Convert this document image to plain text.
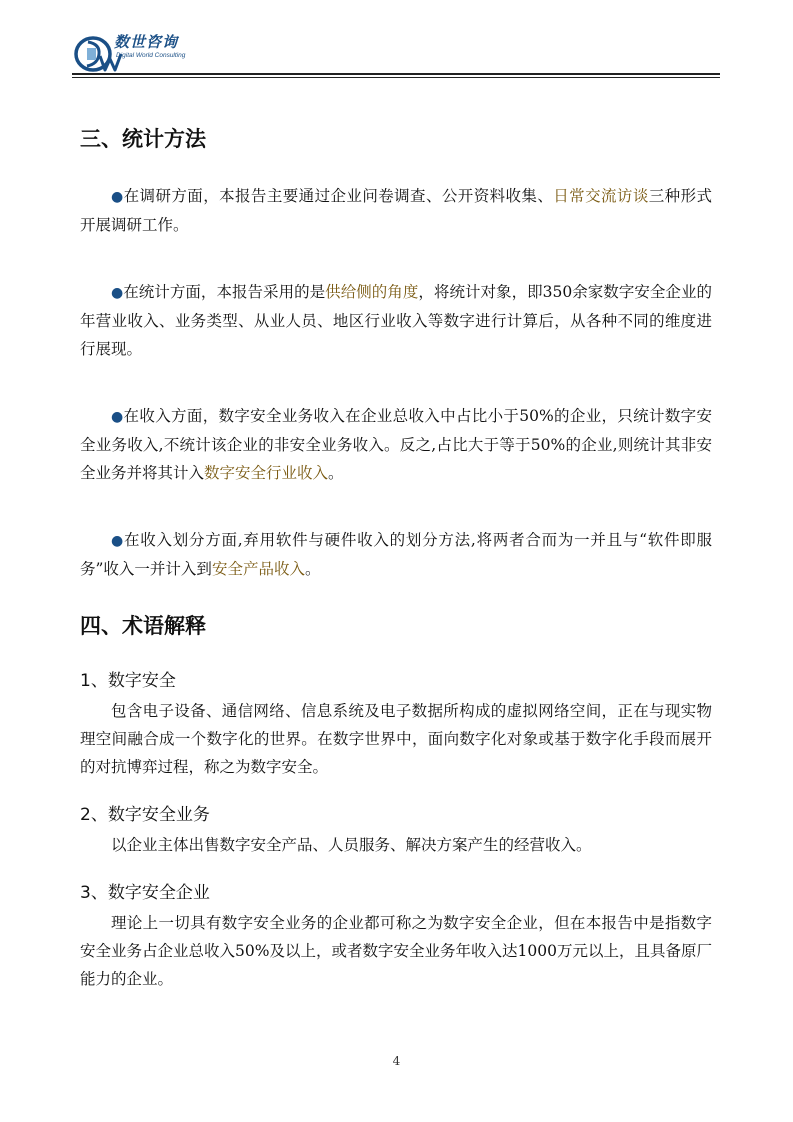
数世咨询
Digital World Consulting
三、统计方法

●在调研方面，本报告主要通过企业问卷调查、公开资料收集、日常交流访谈三种形式开展调研工作。

●在统计方面，本报告采用的是供给侧的角度，将统计对象，即350余家数字安全企业的年营业收入、业务类型、从业人员、地区行业收入等数字进行计算后，从各种不同的维度进行展现。

●在收入方面，数字安全业务收入在企业总收入中占比小于50%的企业，只统计数字安全业务收入,不统计该企业的非安全业务收入。反之,占比大于等于50%的企业,则统计其非安全业务并将其计入数字安全行业收入。

●在收入划分方面,弃用软件与硬件收入的划分方法,将两者合而为一并且与“软件即服务”收入一并计入到安全产品收入。

四、术语解释
1、数字安全

包含电子设备、通信网络、信息系统及电子数据所构成的虚拟网络空间，正在与现实物理空间融合成一个数字化的世界。在数字世界中，面向数字化对象或基于数字化手段而展开的对抗博弈过程，称之为数字安全。

2、数字安全业务

以企业主体出售数字安全产品、人员服务、解决方案产生的经营收入。

3、数字安全企业

理论上一切具有数字安全业务的企业都可称之为数字安全企业，但在本报告中是指数字安全业务占企业总收入50%及以上，或者数字安全业务年收入达1000万元以上，且具备原厂能力的企业。

4
